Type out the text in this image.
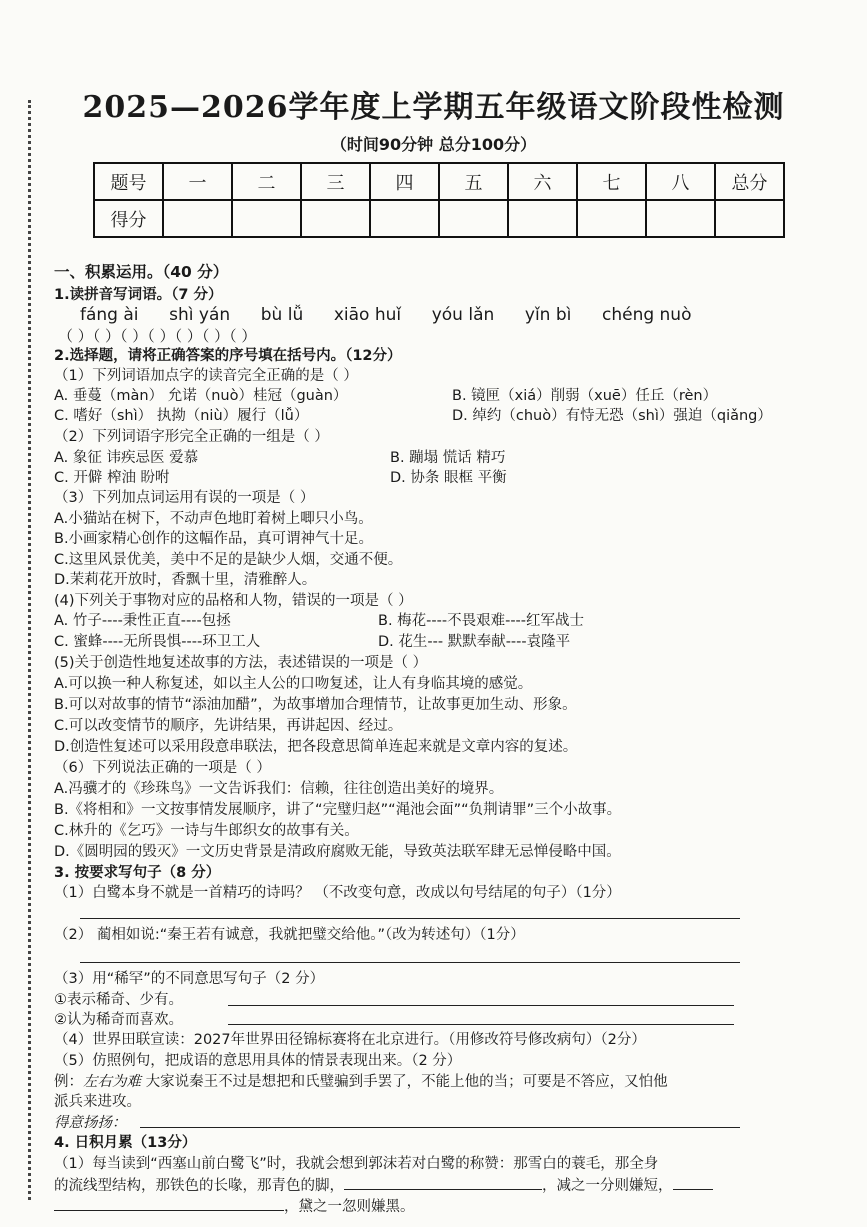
2025—2026学年度上学期五年级语文阶段性检测
（时间90分钟 总分100分）
题号	一	二	三	四	五	六	七	八	总分
得分									
一、积累运用。（40 分）
1.读拼音写词语。（7 分）
fáng ài shì yán bù lǚ xiāo huǐ yóu lǎn yǐn bì chéng nuò
（ ）（ ）（ ）（ ）（ ）（ ）（ ）
2.选择题，请将正确答案的序号填在括号内。（12分）
（1）下列词语加点字的读音完全正确的是（ ）
A. 垂蔓（màn） 允诺（nuò）桂冠（guàn）	B. 镜匣（xiá）削弱（xuē）任丘（rèn）
C. 嗜好（shì） 执拗（niù）履行（lǚ）	D. 绰约（chuò）有恃无恐（shì）强迫（qiǎng）
（2）下列词语字形完全正确的一组是（ ）
A. 象征 讳疾忌医 爱慕	B. 蹦塌 慌话 精巧
C. 开僻 榨油 盼咐	D. 协条 眼框 平衡
（3）下列加点词运用有误的一项是（ ）
A.小猫站在树下，不动声色地盯着树上唧只小鸟。
B.小画家精心创作的这幅作品，真可谓神气十足。
C.这里风景优美，美中不足的是缺少人烟，交通不便。
D.茉莉花开放时，香飘十里，清雅醉人。
(4)下列关于事物对应的品格和人物，错误的一项是（ ）
A. 竹子----秉性正直----包拯	B. 梅花----不畏艰难----红军战士
C. 蜜蜂----无所畏惧----环卫工人	D. 花生--- 默默奉献----袁隆平
(5)关于创造性地复述故事的方法，表述错误的一项是（ ）
A.可以换一种人称复述，如以主人公的口吻复述，让人有身临其境的感觉。
B.可以对故事的情节“添油加醋”，为故事增加合理情节，让故事更加生动、形象。
C.可以改变情节的顺序，先讲结果，再讲起因、经过。
D.创造性复述可以采用段意串联法，把各段意思简单连起来就是文章内容的复述。
（6）下列说法正确的一项是（ ）
A.冯骥才的《珍珠鸟》一文告诉我们：信赖，往往创造出美好的境界。
B.《将相和》一文按事情发展顺序，讲了“完璧归赵”“渑池会面”“负荆请罪”三个小故事。
C.林升的《乞巧》一诗与牛郎织女的故事有关。
D.《圆明园的毁灭》一文历史背景是清政府腐败无能，导致英法联军肆无忌惮侵略中国。
3. 按要求写句子（8 分）
（1）白鹭本身不就是一首精巧的诗吗？ （不改变句意，改成以句号结尾的句子）（1分）
（2） 蔺相如说:“秦王若有诚意，我就把璧交给他。”（改为转述句）（1分）
（3）用“稀罕”的不同意思写句子（2 分）
①表示稀奇、少有。
②认为稀奇而喜欢。
（4）世界田联宣读：2027年世界田径锦标赛将在北京进行。（用修改符号修改病句）（2分）
（5）仿照例句，把成语的意思用具体的情景表现出来。（2 分）
例：左右为难 大家说秦王不过是想把和氏璧骗到手罢了，不能上他的当；可要是不答应，又怕他
派兵来进攻。
得意扬扬：
4. 日积月累（13分）
（1）每当读到“西塞山前白鹭飞”时，我就会想到郭沫若对白鹭的称赞：那雪白的蓑毛，那全身
的流线型结构，那铁色的长喙，那青色的脚，	，减之一分则嫌短，
，黛之一忽则嫌黑。
